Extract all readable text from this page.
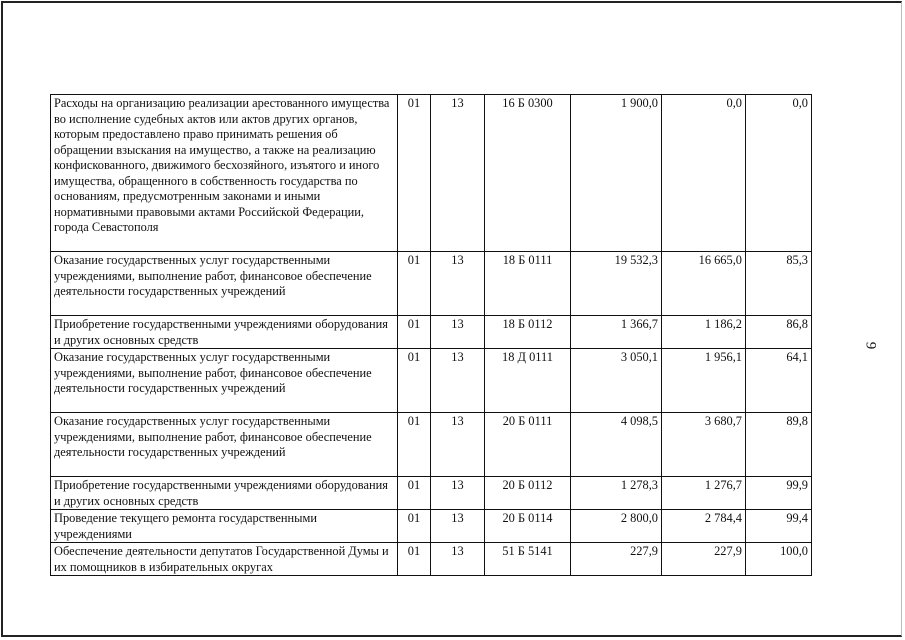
9
Расходы на организацию реализации арестованного имущества во исполнение судебных актов или актов других органов, которым предоставлено право принимать решения об обращении взыскания на имущество, а также на реализацию конфискованного, движимого бесхозяйного, изъятого и иного имущества, обращенного в собственность государства по основаниям, предусмотренным законами и иными нормативными правовыми актами Российской Федерации, города Севастополя	01	13	16 Б 0300	1 900,0	0,0	0,0
Оказание государственных услуг государственными учреждениями, выполнение работ, финансовое обеспечение деятельности государственных учреждений	01	13	18 Б 0111	19 532,3	16 665,0	85,3
Приобретение государственными учреждениями оборудования и других основных средств	01	13	18 Б 0112	1 366,7	1 186,2	86,8
Оказание государственных услуг государственными учреждениями, выполнение работ, финансовое обеспечение деятельности государственных учреждений	01	13	18 Д 0111	3 050,1	1 956,1	64,1
Оказание государственных услуг государственными учреждениями, выполнение работ, финансовое обеспечение деятельности государственных учреждений	01	13	20 Б 0111	4 098,5	3 680,7	89,8
Приобретение государственными учреждениями оборудования и других основных средств	01	13	20 Б 0112	1 278,3	1 276,7	99,9
Проведение текущего ремонта государственными учреждениями	01	13	20 Б 0114	2 800,0	2 784,4	99,4
Обеспечение деятельности депутатов Государственной Думы и их помощников в избирательных округах	01	13	51 Б 5141	227,9	227,9	100,0
